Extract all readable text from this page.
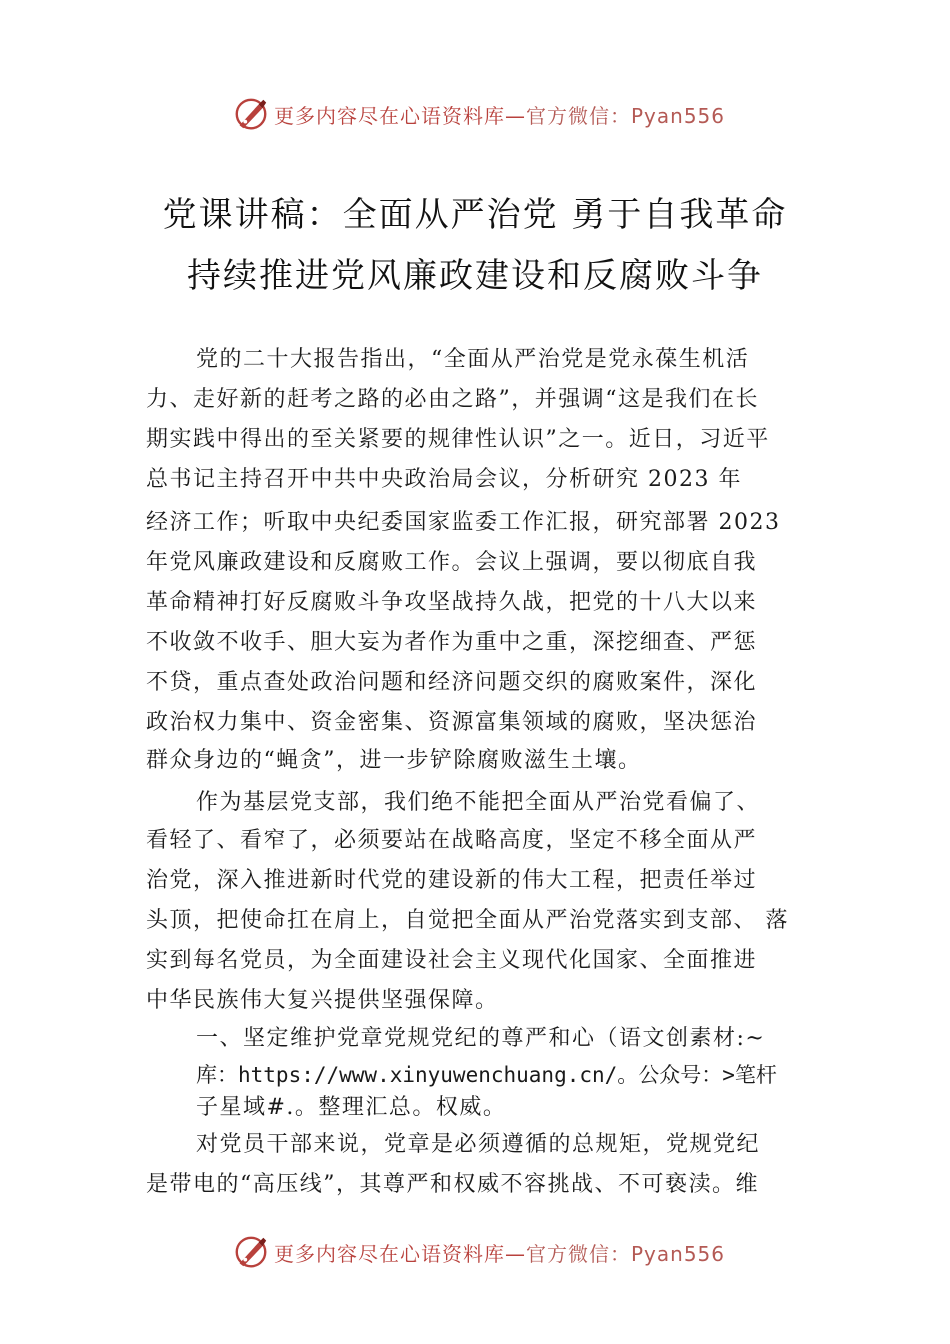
更多内容尽在心语资料库— 官方微信：Pyan556
党课讲稿：全面从严治党 勇于自我革命
持续推进党风廉政建设和反腐败斗争
党的二十大报告指出，“全面从严治党是党永葆生机活
力、走好新的赶考之路的必由之路”，并强调“这是我们在长
期实践中得出的至关紧要的规律性认识”之一。近日，习近平
总书记主持召开中共中央政治局会议，分析研究 2023 年
经济工作；听取中央纪委国家监委工作汇报，研究部署 2023
年党风廉政建设和反腐败工作。会议上强调，要以彻底自我
革命精神打好反腐败斗争攻坚战持久战，把党的十八大以来
不收敛不收手、胆大妄为者作为重中之重，深挖细查、严惩
不贷，重点查处政治问题和经济问题交织的腐败案件，深化
政治权力集中、资金密集、资源富集领域的腐败，坚决惩治
群众身边的“蝇贪”，进一步铲除腐败滋生土壤。
作为基层党支部，我们绝不能把全面从严治党看偏了、
看轻了、看窄了，必须要站在战略高度，坚定不移全面从严
治党，深入推进新时代党的建设新的伟大工程，把责任举过
头顶，把使命扛在肩上，自觉把全面从严治党落实到支部、 落
实到每名党员，为全面建设社会主义现代化国家、全面推进
中华民族伟大复兴提供坚强保障。
一、坚定维护党章党规党纪的尊严和心（语文创素材:~
库：https://www.xinyuwenchuang.cn/。公众号：>笔杆
子星域#.。整理汇总。权威。
对党员干部来说，党章是必须遵循的总规矩，党规党纪
是带电的“高压线”，其尊严和权威不容挑战、不可亵渎。维
更多内容尽在心语资料库— 官方微信：Pyan556
